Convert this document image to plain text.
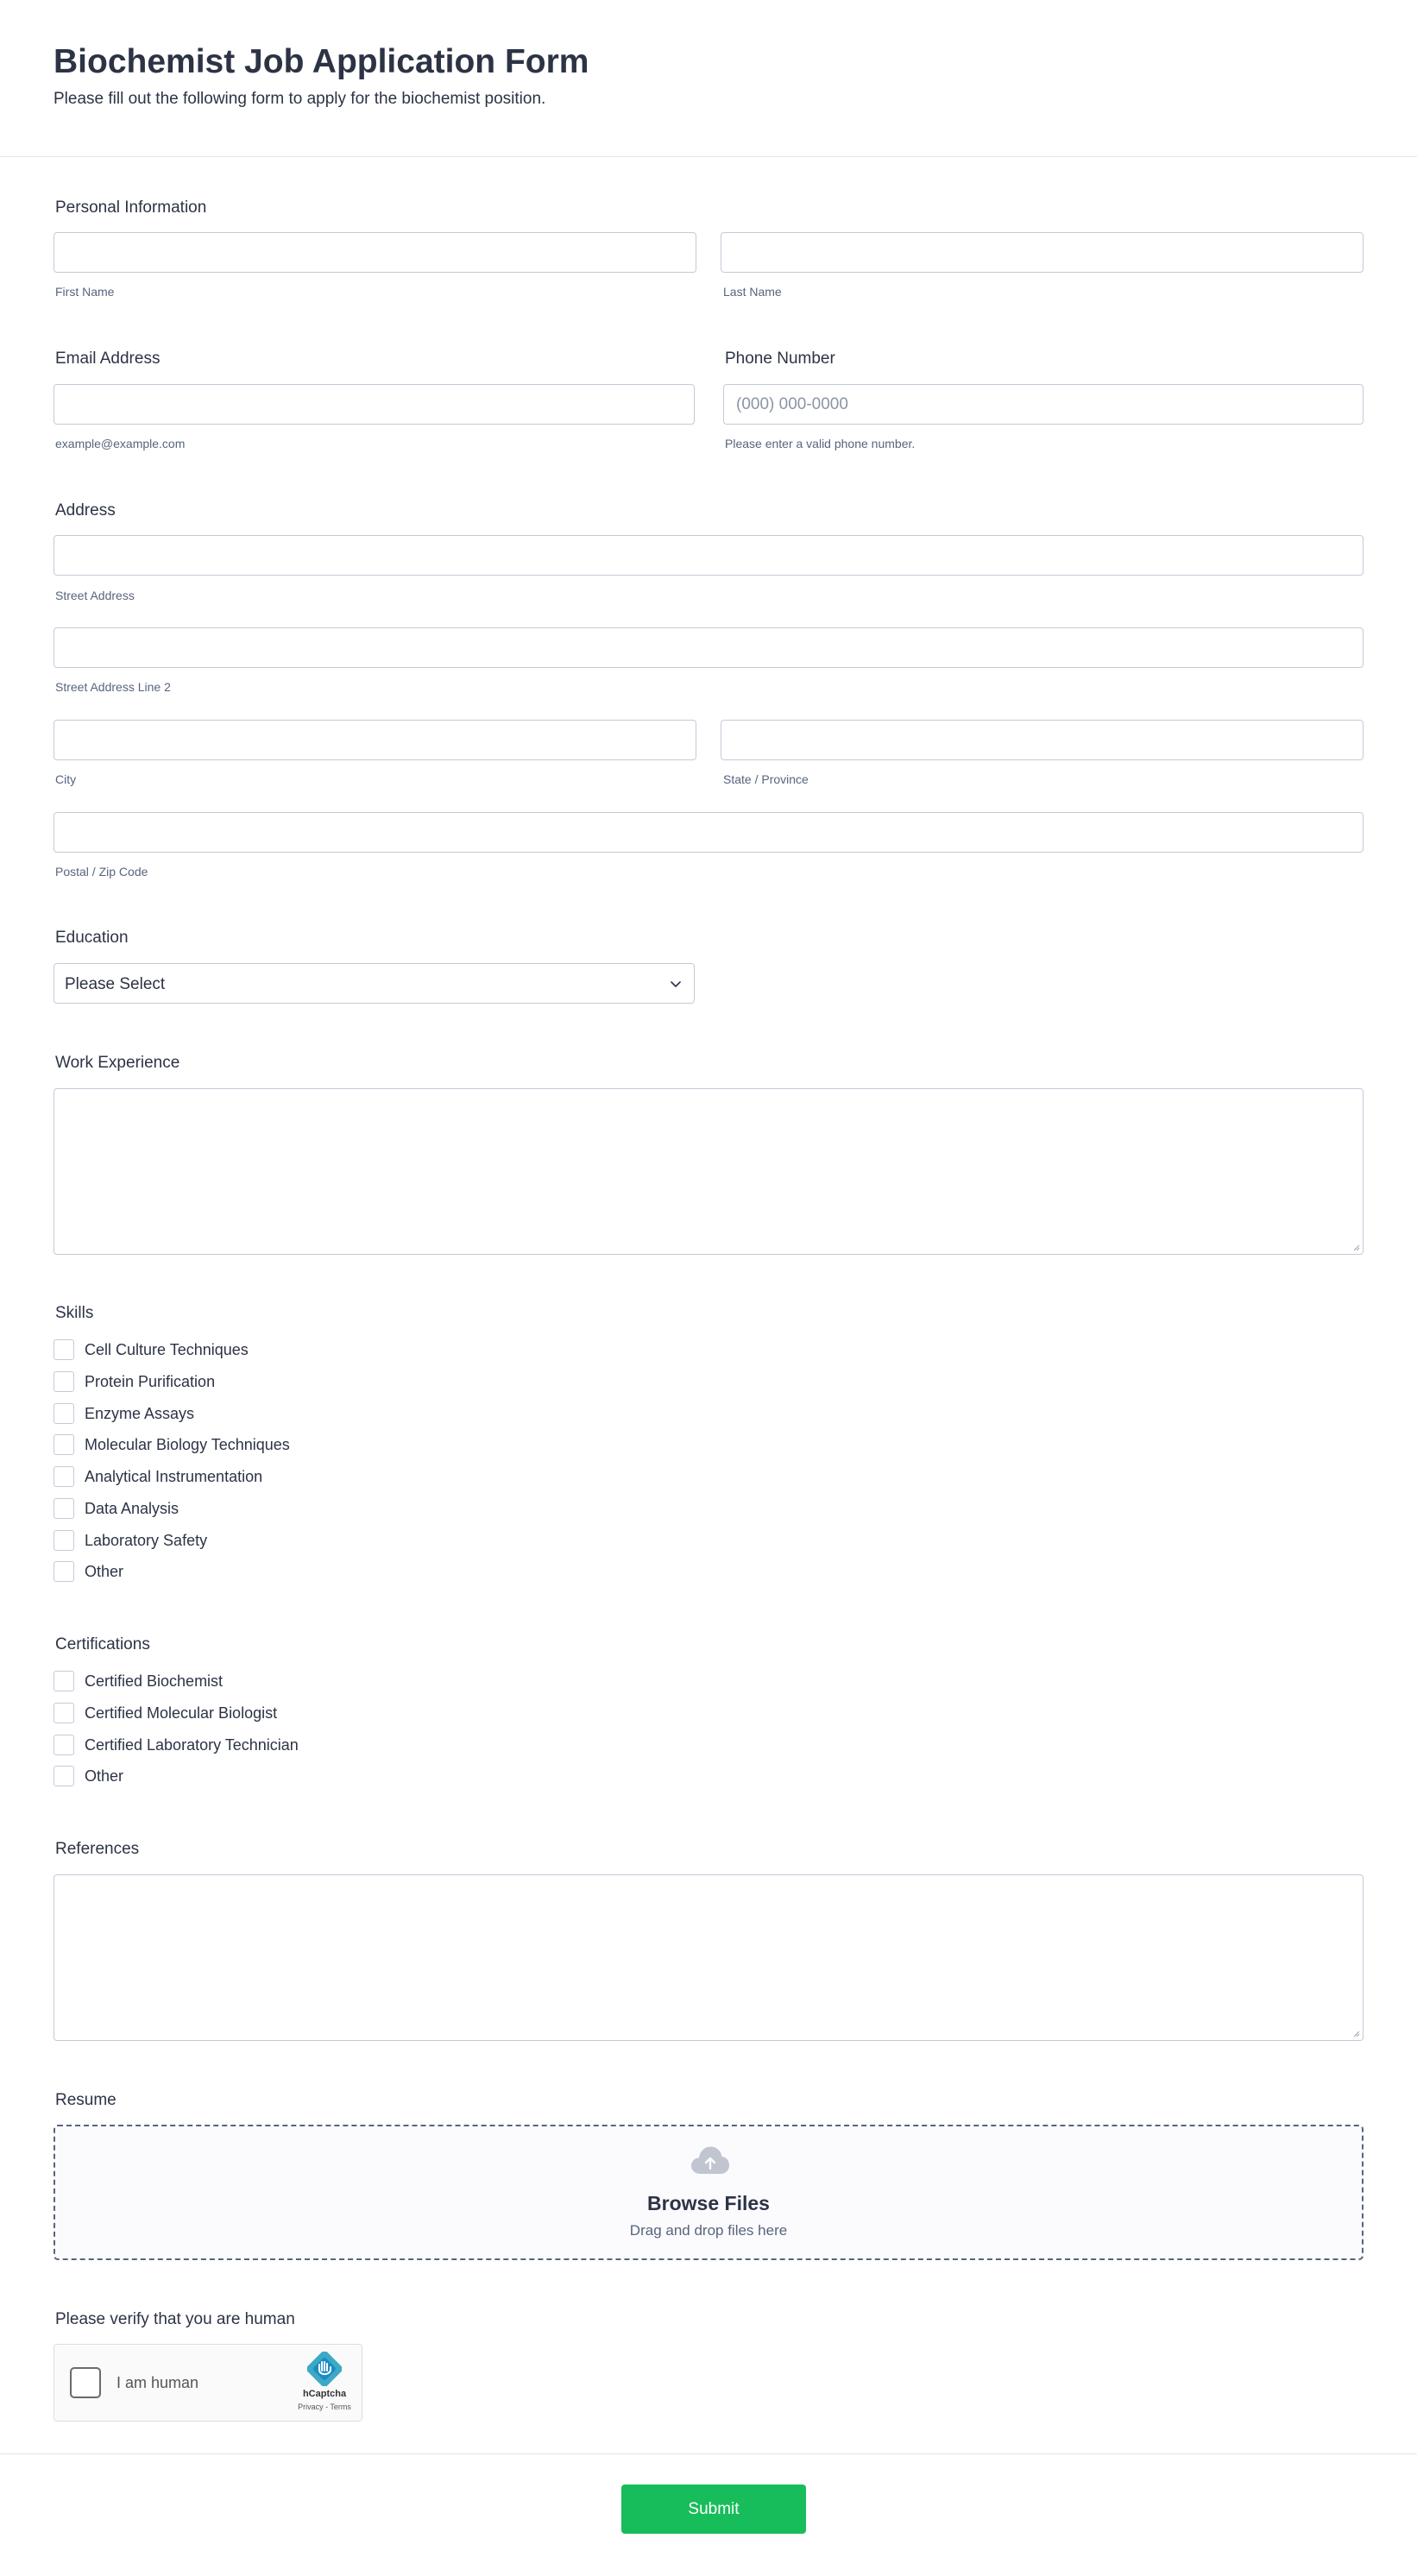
Biochemist Job Application Form
Please fill out the following form to apply for the biochemist position.
Personal Information
First Name	Last Name
Email Address
example@example.com
Phone Number
(000) 000-0000
Please enter a valid phone number.
Address
Street Address
Street Address Line 2
City	State / Province
Postal / Zip Code
Education
Please Select
Work Experience
Skills
Cell Culture Techniques
Protein Purification
Enzyme Assays
Molecular Biology Techniques
Analytical Instrumentation
Data Analysis
Laboratory Safety
Other
Certifications
Certified Biochemist
Certified Molecular Biologist
Certified Laboratory Technician
Other
References
Resume
Browse Files
Drag and drop files here
Please verify that you are human
I am human
hCaptcha
Privacy - Terms
Submit
